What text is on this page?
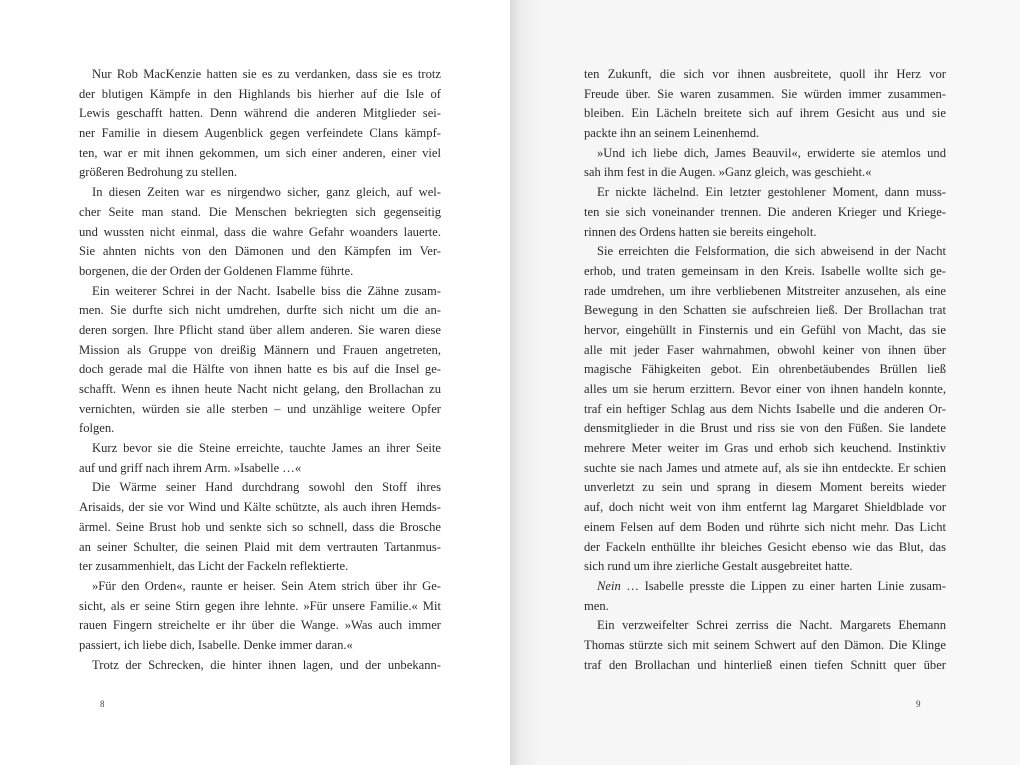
Nur Rob MacKenzie hatten sie es zu verdanken, dass sie es trotz
der blutigen Kämpfe in den Highlands bis hierher auf die Isle of
Lewis geschafft hatten. Denn während die anderen Mitglieder sei-
ner Familie in diesem Augenblick gegen verfeindete Clans kämpf-
ten, war er mit ihnen gekommen, um sich einer anderen, einer viel
größeren Bedrohung zu stellen.
In diesen Zeiten war es nirgendwo sicher, ganz gleich, auf wel-
cher Seite man stand. Die Menschen bekriegten sich gegenseitig
und wussten nicht einmal, dass die wahre Gefahr woanders lauerte.
Sie ahnten nichts von den Dämonen und den Kämpfen im Ver-
borgenen, die der Orden der Goldenen Flamme führte.
Ein weiterer Schrei in der Nacht. Isabelle biss die Zähne zusam-
men. Sie durfte sich nicht umdrehen, durfte sich nicht um die an-
deren sorgen. Ihre Pflicht stand über allem anderen. Sie waren diese
Mission als Gruppe von dreißig Männern und Frauen angetreten,
doch gerade mal die Hälfte von ihnen hatte es bis auf die Insel ge-
schafft. Wenn es ihnen heute Nacht nicht gelang, den Brollachan zu
vernichten, würden sie alle sterben – und unzählige weitere Opfer
folgen.
Kurz bevor sie die Steine erreichte, tauchte James an ihrer Seite
auf und griff nach ihrem Arm. »Isabelle …«
Die Wärme seiner Hand durchdrang sowohl den Stoff ihres
Arisaids, der sie vor Wind und Kälte schützte, als auch ihren Hemds-
ärmel. Seine Brust hob und senkte sich so schnell, dass die Brosche
an seiner Schulter, die seinen Plaid mit dem vertrauten Tartanmus-
ter zusammenhielt, das Licht der Fackeln reflektierte.
»Für den Orden«, raunte er heiser. Sein Atem strich über ihr Ge-
sicht, als er seine Stirn gegen ihre lehnte. »Für unsere Familie.« Mit
rauen Fingern streichelte er ihr über die Wange. »Was auch immer
passiert, ich liebe dich, Isabelle. Denke immer daran.«
Trotz der Schrecken, die hinter ihnen lagen, und der unbekann-
8
ten Zukunft, die sich vor ihnen ausbreitete, quoll ihr Herz vor
Freude über. Sie waren zusammen. Sie würden immer zusammen-
bleiben. Ein Lächeln breitete sich auf ihrem Gesicht aus und sie
packte ihn an seinem Leinenhemd.
»Und ich liebe dich, James Beauvil«, erwiderte sie atemlos und
sah ihm fest in die Augen. »Ganz gleich, was geschieht.«
Er nickte lächelnd. Ein letzter gestohlener Moment, dann muss-
ten sie sich voneinander trennen. Die anderen Krieger und Kriege-
rinnen des Ordens hatten sie bereits eingeholt.
Sie erreichten die Felsformation, die sich abweisend in der Nacht
erhob, und traten gemeinsam in den Kreis. Isabelle wollte sich ge-
rade umdrehen, um ihre verbliebenen Mitstreiter anzusehen, als eine
Bewegung in den Schatten sie aufschreien ließ. Der Brollachan trat
hervor, eingehüllt in Finsternis und ein Gefühl von Macht, das sie
alle mit jeder Faser wahrnahmen, obwohl keiner von ihnen über
magische Fähigkeiten gebot. Ein ohrenbetäubendes Brüllen ließ
alles um sie herum erzittern. Bevor einer von ihnen handeln konnte,
traf ein heftiger Schlag aus dem Nichts Isabelle und die anderen Or-
densmitglieder in die Brust und riss sie von den Füßen. Sie landete
mehrere Meter weiter im Gras und erhob sich keuchend. Instinktiv
suchte sie nach James und atmete auf, als sie ihn entdeckte. Er schien
unverletzt zu sein und sprang in diesem Moment bereits wieder
auf, doch nicht weit von ihm entfernt lag Margaret Shieldblade vor
einem Felsen auf dem Boden und rührte sich nicht mehr. Das Licht
der Fackeln enthüllte ihr bleiches Gesicht ebenso wie das Blut, das
sich rund um ihre zierliche Gestalt ausgebreitet hatte.
Nein … Isabelle presste die Lippen zu einer harten Linie zusam-
men.
Ein verzweifelter Schrei zerriss die Nacht. Margarets Ehemann
Thomas stürzte sich mit seinem Schwert auf den Dämon. Die Klinge
traf den Brollachan und hinterließ einen tiefen Schnitt quer über
9
